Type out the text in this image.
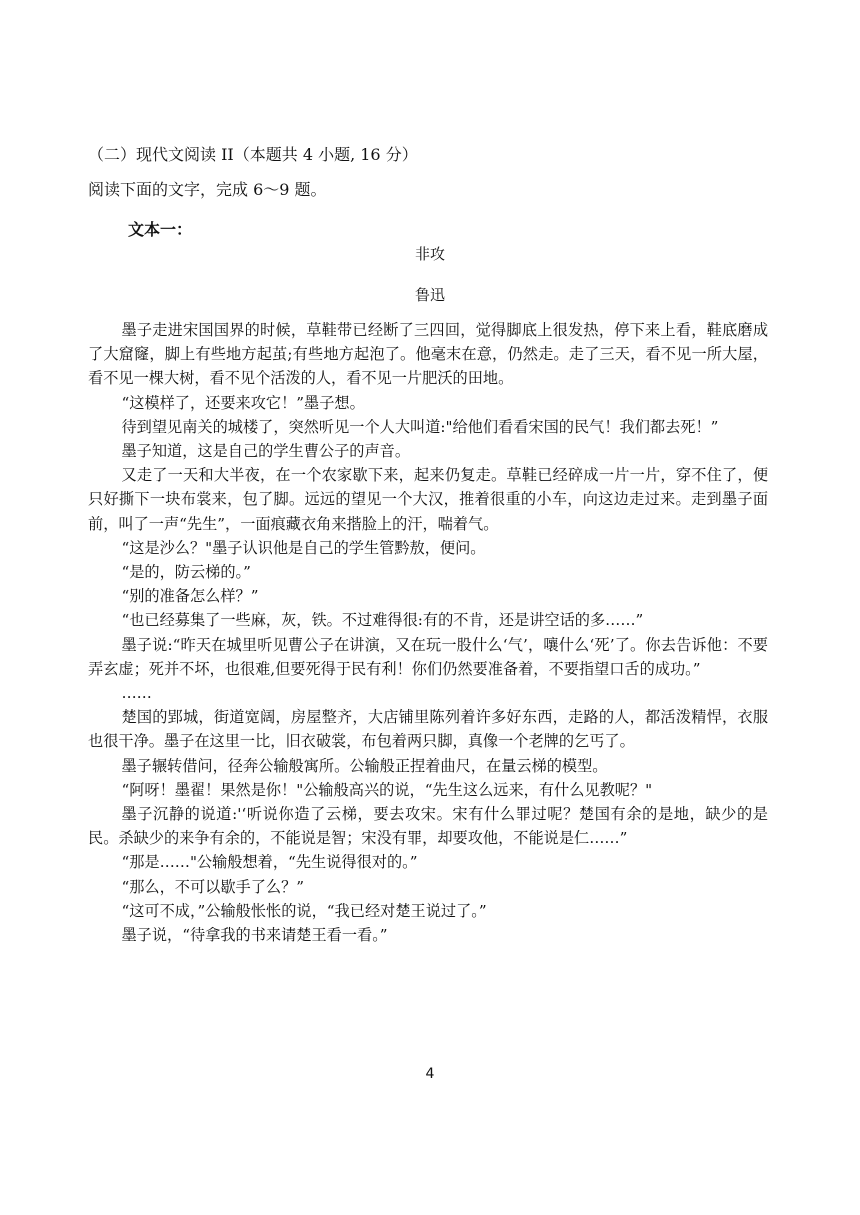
（二）现代文阅读 II（本题共 4 小题, 16 分）
阅读下面的文字，完成 6～9 题。
文本一：
非攻
鲁迅

墨子走进宋国国界的时候，草鞋带已经断了三四回，觉得脚底上很发热，停下来上看，鞋底磨成了大窟窿，脚上有些地方起茧;有些地方起泡了。他毫末在意，仍然走。走了三天，看不见一所大屋，看不见一棵大树，看不见个活泼的人，看不见一片肥沃的田地。

“这模样了，还要来攻它！”墨子想。

待到望见南关的城楼了，突然听见一个人大叫道:"给他们看看宋国的民气！我们都去死！”

墨子知道，这是自己的学生曹公子的声音。

又走了一天和大半夜，在一个农家歇下来，起来仍复走。草鞋已经碎成一片一片，穿不住了，便只好撕下一块布裳来，包了脚。远远的望见一个大汉，推着很重的小车，向这边走过来。走到墨子面前，叫了一声“先生”，一面痕藏衣角来揩脸上的汗，喘着气。

“这是沙么？"墨子认识他是自己的学生管黔敖，便问。

“是的，防云梯的。”

“别的准备怎么样？”

“也已经募集了一些麻，灰，铁。不过难得很:有的不肯，还是讲空话的多……”

墨子说:“昨天在城里听见曹公子在讲演，又在玩一股什么‘气’，嚷什么‘死’了。你去告诉他：不要弄玄虚；死并不坏，也很难,但要死得于民有利！你们仍然要准备着，不要指望口舌的成功。”

……

楚国的郢城，街道宽阔，房屋整齐，大店铺里陈列着许多好东西，走路的人，都活泼精悍，衣服也很干净。墨子在这里一比，旧衣破裳，布包着两只脚，真像一个老牌的乞丐了。

墨子辗转借问，径奔公输般寓所。公输般正捏着曲尺，在量云梯的模型。

“阿呀！墨翟！果然是你！"公输般高兴的说，“先生这么远来，有什么见教呢？"

墨子沉静的说道:'‘听说你造了云梯，要去攻宋。宋有什么罪过呢？楚国有余的是地，缺少的是民。杀缺少的来争有余的，不能说是智；宋没有罪，却要攻他，不能说是仁……”

“那是……"公输般想着，“先生说得很对的。”

“那么，不可以歇手了么？”

“这可不成，”公输般怅怅的说，“我已经对楚王说过了。”

墨子说，“待拿我的书来请楚王看一看。”

4
